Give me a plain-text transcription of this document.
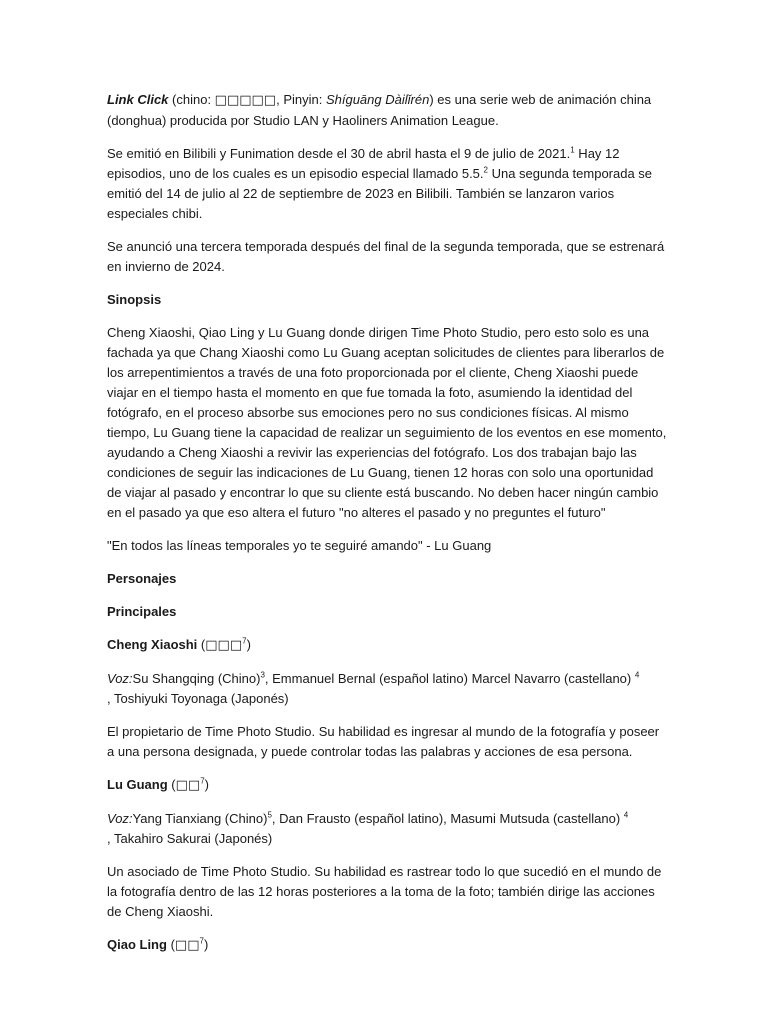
Link Click (chino: □□□□□, Pinyin: Shíguāng Dàilǐrén) es una serie web de animación china (donghua) producida por Studio LAN y Haoliners Animation League.

Se emitió en Bilibili y Funimation desde el 30 de abril hasta el 9 de julio de 2021.$^1$ Hay 12 episodios, uno de los cuales es un episodio especial llamado 5.5.$^2$ Una segunda temporada se emitió del 14 de julio al 22 de septiembre de 2023 en Bilibili. También se lanzaron varios especiales chibi.

Se anunció una tercera temporada después del final de la segunda temporada, que se estrenará en invierno de 2024.

Sinopsis

Cheng Xiaoshi, Qiao Ling y Lu Guang donde dirigen Time Photo Studio, pero esto solo es una fachada ya que Chang Xiaoshi como Lu Guang aceptan solicitudes de clientes para liberarlos de los arrepentimientos a través de una foto proporcionada por el cliente, Cheng Xiaoshi puede viajar en el tiempo hasta el momento en que fue tomada la foto, asumiendo la identidad del fotógrafo, en el proceso absorbe sus emociones pero no sus condiciones físicas. Al mismo tiempo, Lu Guang tiene la capacidad de realizar un seguimiento de los eventos en ese momento, ayudando a Cheng Xiaoshi a revivir las experiencias del fotógrafo. Los dos trabajan bajo las condiciones de seguir las indicaciones de Lu Guang, tienen 12 horas con solo una oportunidad de viajar al pasado y encontrar lo que su cliente está buscando. No deben hacer ningún cambio en el pasado ya que eso altera el futuro "no alteres el pasado y no preguntes el futuro"

"En todos las líneas temporales yo te seguiré amando" - Lu Guang

Personajes

Principales

Cheng Xiaoshi (□□□$^7$)

Voz:Su Shangqing (Chino)$^3$, Emmanuel Bernal (español latino) Marcel Navarro (castellano) $^4$
, Toshiyuki Toyonaga (Japonés)

El propietario de Time Photo Studio. Su habilidad es ingresar al mundo de la fotografía y poseer a una persona designada, y puede controlar todas las palabras y acciones de esa persona.

Lu Guang (□□$^7$)

Voz:Yang Tianxiang (Chino)$^5$, Dan Frausto (español latino), Masumi Mutsuda (castellano) $^4$
, Takahiro Sakurai (Japonés)

Un asociado de Time Photo Studio. Su habilidad es rastrear todo lo que sucedió en el mundo de la fotografía dentro de las 12 horas posteriores a la toma de la foto; también dirige las acciones de Cheng Xiaoshi.

Qiao Ling (□□$^7$)
